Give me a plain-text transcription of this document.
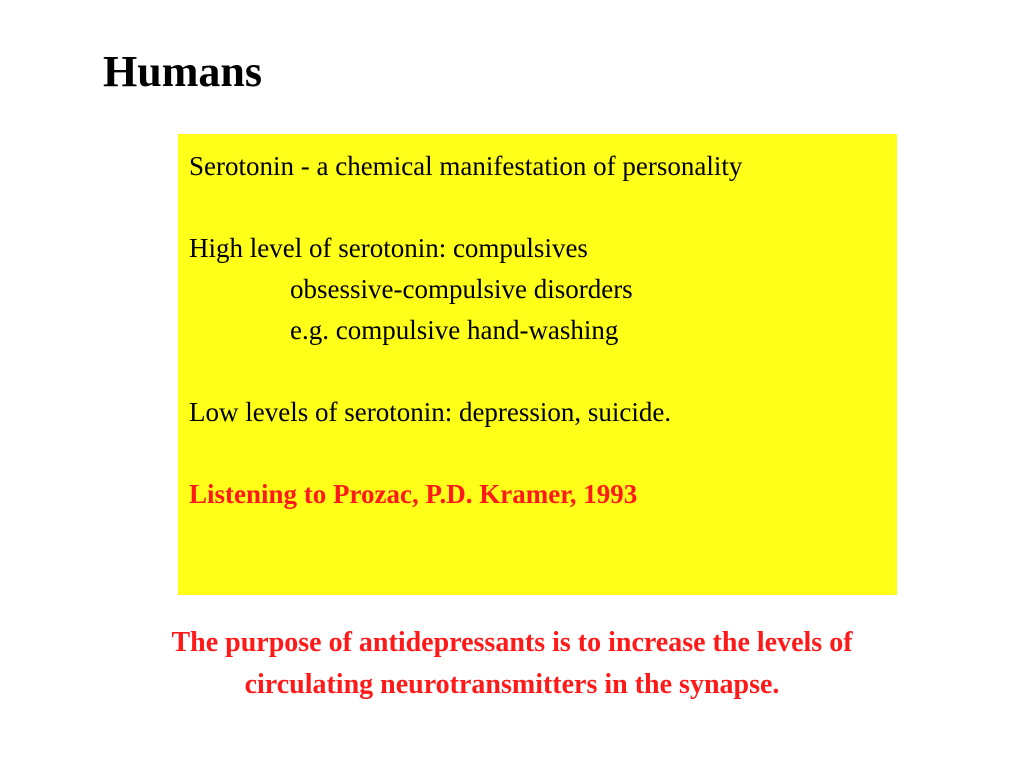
Humans
Serotonin - a chemical manifestation of personality
High level of serotonin: compulsives
obsessive-compulsive disorders
e.g. compulsive hand-washing
Low levels of serotonin: depression, suicide.
Listening to Prozac, P.D. Kramer, 1993
The purpose of antidepressants is to increase the levels of
circulating neurotransmitters in the synapse.
